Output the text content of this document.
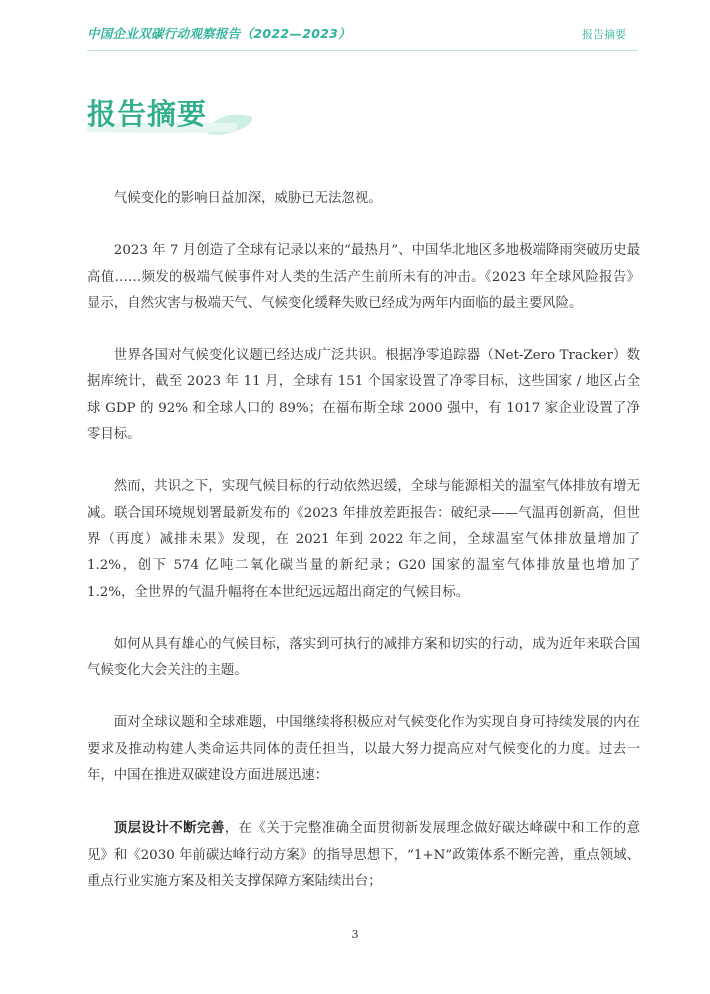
中国企业双碳行动观察报告（2022—2023）	报告摘要
报告摘要

气候变化的影响日益加深，威胁已无法忽视。

2023 年 7 月创造了全球有记录以来的“最热月”、中国华北地区多地极端降雨突破历史最高值……频发的极端气候事件对人类的生活产生前所未有的冲击。《2023 年全球风险报告》显示，自然灾害与极端天气、气候变化缓释失败已经成为两年内面临的最主要风险。

世界各国对气候变化议题已经达成广泛共识。根据净零追踪器（Net-Zero Tracker）数据库统计，截至 2023 年 11 月，全球有 151 个国家设置了净零目标，这些国家 / 地区占全球 GDP 的 92% 和全球人口的 89%；在福布斯全球 2000 强中，有 1017 家企业设置了净零目标。

然而，共识之下，实现气候目标的行动依然迟缓，全球与能源相关的温室气体排放有增无减。联合国环境规划署最新发布的《2023 年排放差距报告：破纪录——气温再创新高，但世界（再度）减排未果》发现，在 2021 年到 2022 年之间，全球温室气体排放量增加了 1.2%，创下 574 亿吨二氧化碳当量的新纪录；G20 国家的温室气体排放量也增加了 1.2%，全世界的气温升幅将在本世纪远远超出商定的气候目标。

如何从具有雄心的气候目标，落实到可执行的减排方案和切实的行动，成为近年来联合国气候变化大会关注的主题。

面对全球议题和全球难题，中国继续将积极应对气候变化作为实现自身可持续发展的内在要求及推动构建人类命运共同体的责任担当，以最大努力提高应对气候变化的力度。过去一年，中国在推进双碳建设方面进展迅速：

顶层设计不断完善，在《关于完整准确全面贯彻新发展理念做好碳达峰碳中和工作的意见》和《2030 年前碳达峰行动方案》的指导思想下，“1+N”政策体系不断完善，重点领域、重点行业实施方案及相关支撑保障方案陆续出台；

3
